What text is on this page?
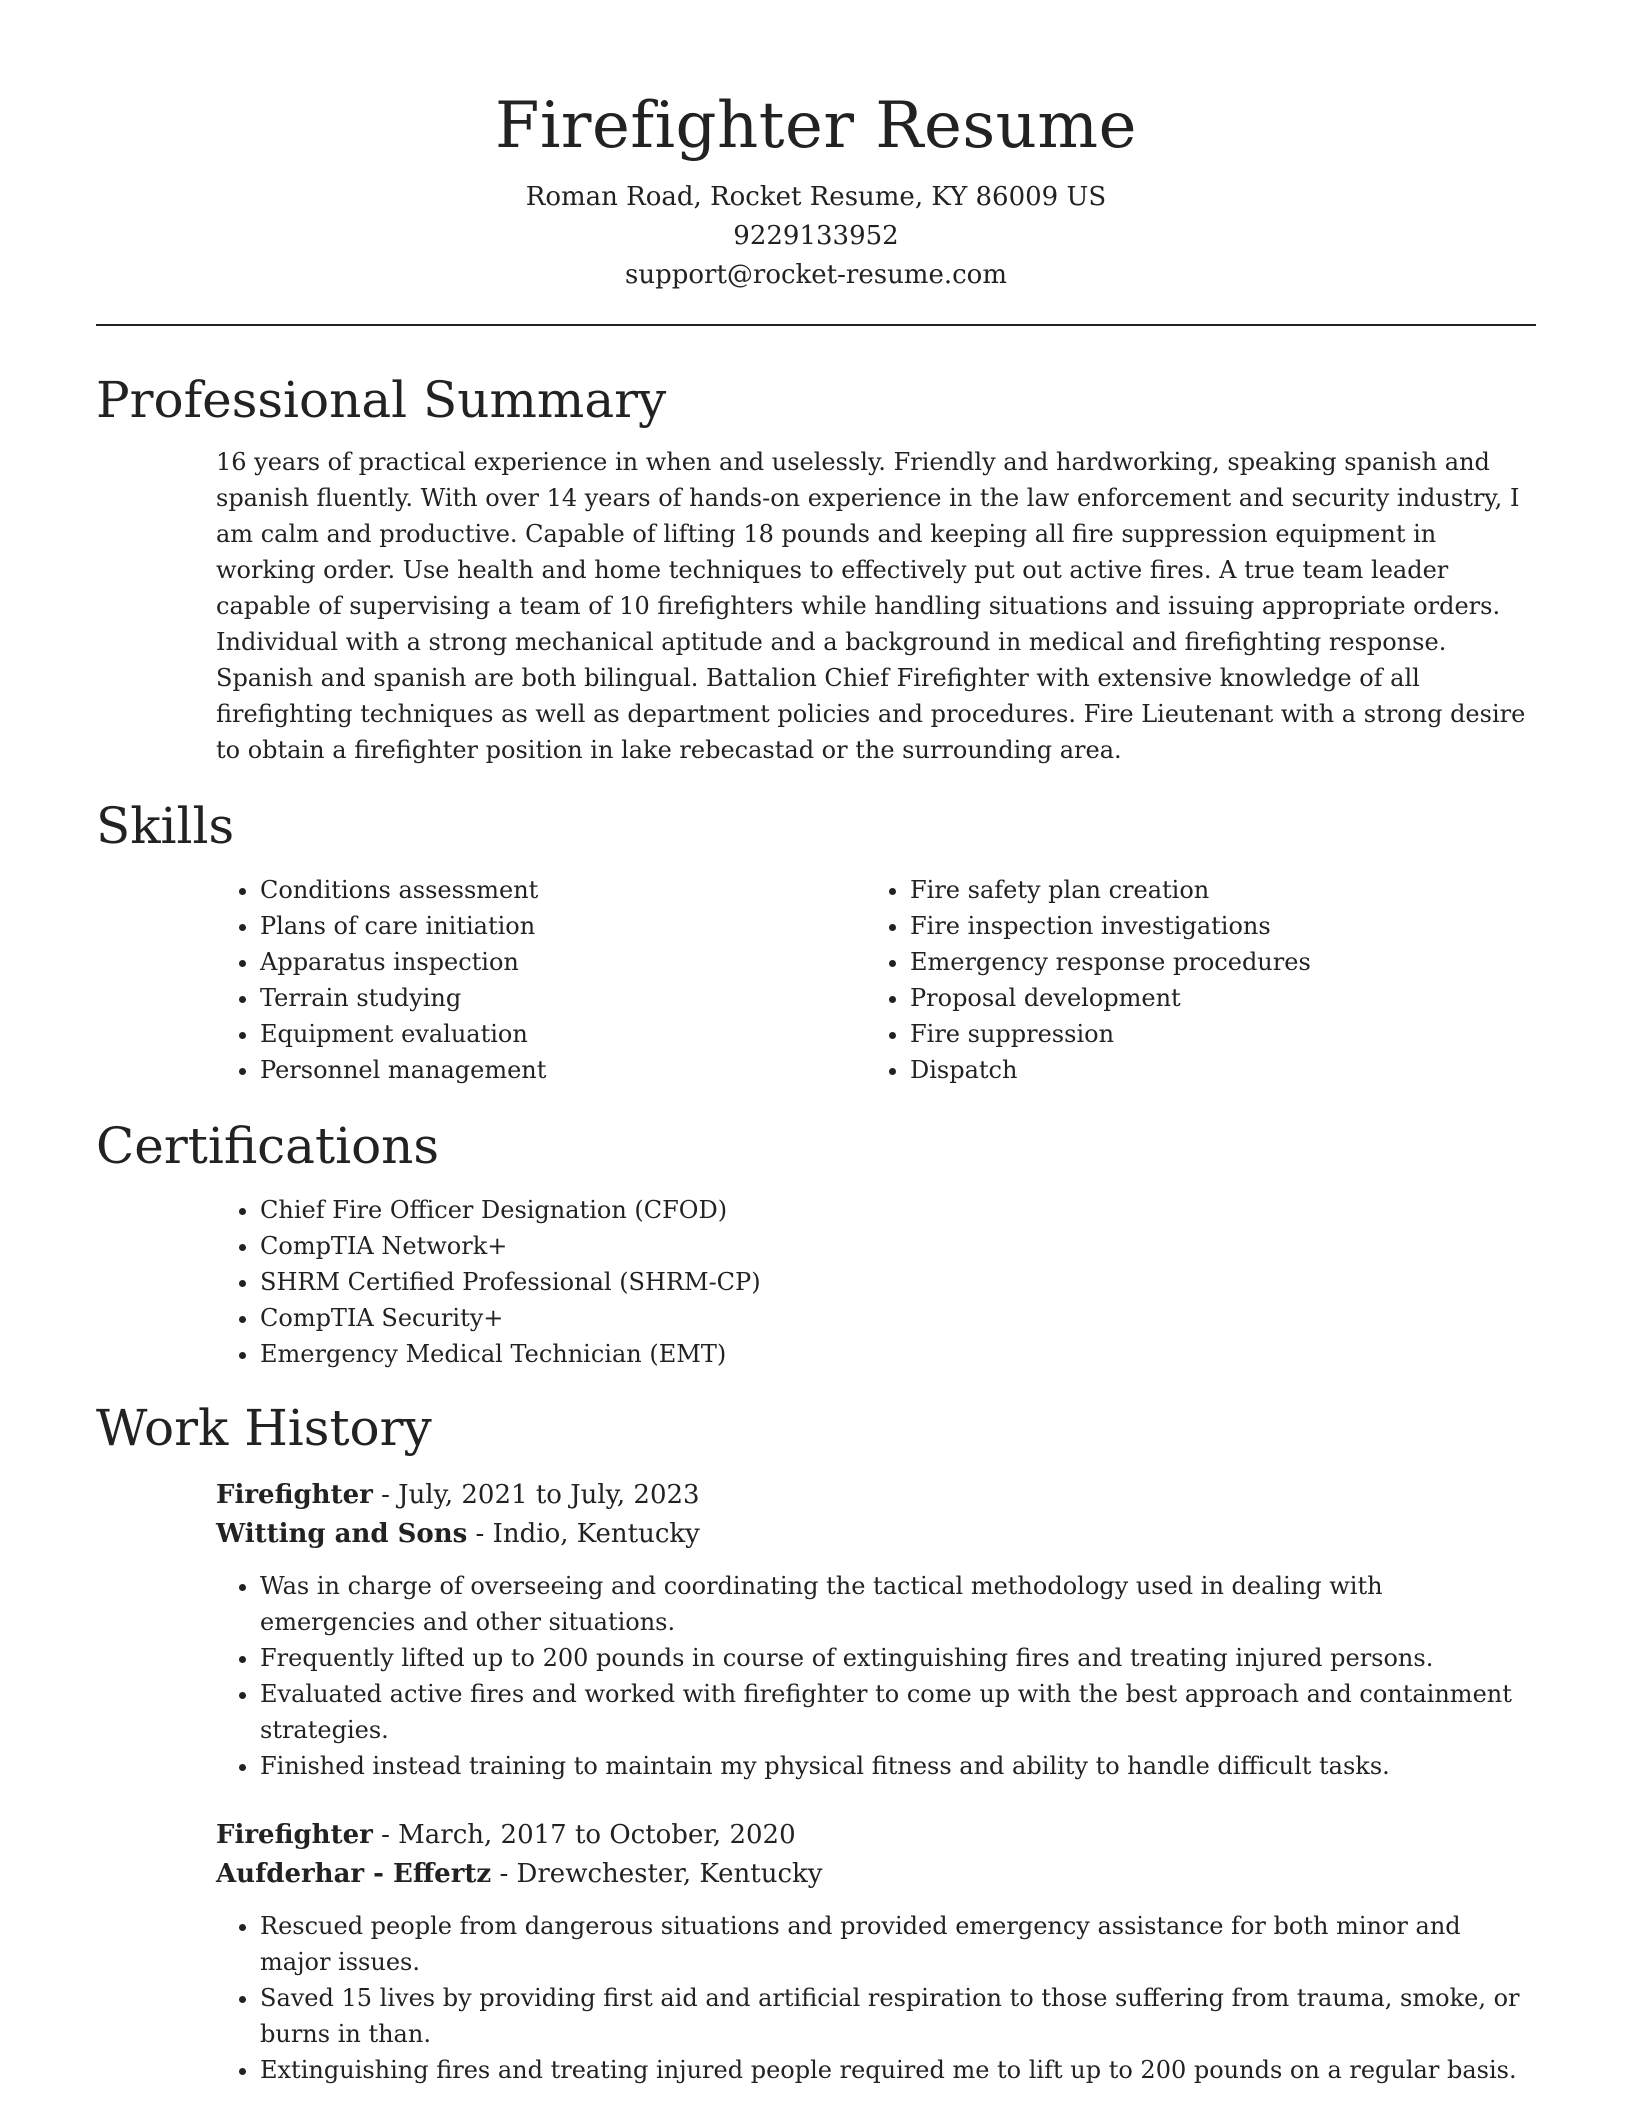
Firefighter Resume
Roman Road, Rocket Resume, KY 86009 US
9229133952
support@rocket-resume.com
Professional Summary

16 years of practical experience in when and uselessly. Friendly and hardworking, speaking spanish and spanish fluently. With over 14 years of hands-on experience in the law enforcement and security industry, I am calm and productive. Capable of lifting 18 pounds and keeping all fire suppression equipment in working order. Use health and home techniques to effectively put out active fires. A true team leader capable of supervising a team of 10 firefighters while handling situations and issuing appropriate orders. Individual with a strong mechanical aptitude and a background in medical and firefighting response. Spanish and spanish are both bilingual. Battalion Chief Firefighter with extensive knowledge of all firefighting techniques as well as department policies and procedures. Fire Lieutenant with a strong desire to obtain a firefighter position in lake rebecastad or the surrounding area.

Skills
• Conditions assessment
• Plans of care initiation
• Apparatus inspection
• Terrain studying
• Equipment evaluation
• Personnel management
• Fire safety plan creation
• Fire inspection investigations
• Emergency response procedures
• Proposal development
• Fire suppression
• Dispatch
Certifications
• Chief Fire Officer Designation (CFOD)
• CompTIA Network+
• SHRM Certified Professional (SHRM-CP)
• CompTIA Security+
• Emergency Medical Technician (EMT)
Work History
Firefighter - July, 2021 to July, 2023
Witting and Sons - Indio, Kentucky
• Was in charge of overseeing and coordinating the tactical methodology used in dealing with emergencies and other situations.
• Frequently lifted up to 200 pounds in course of extinguishing fires and treating injured persons.
• Evaluated active fires and worked with firefighter to come up with the best approach and containment strategies.
• Finished instead training to maintain my physical fitness and ability to handle difficult tasks.
Firefighter - March, 2017 to October, 2020
Aufderhar - Effertz - Drewchester, Kentucky
• Rescued people from dangerous situations and provided emergency assistance for both minor and major issues.
• Saved 15 lives by providing first aid and artificial respiration to those suffering from trauma, smoke, or burns in than.
• Extinguishing fires and treating injured people required me to lift up to 200 pounds on a regular basis.
